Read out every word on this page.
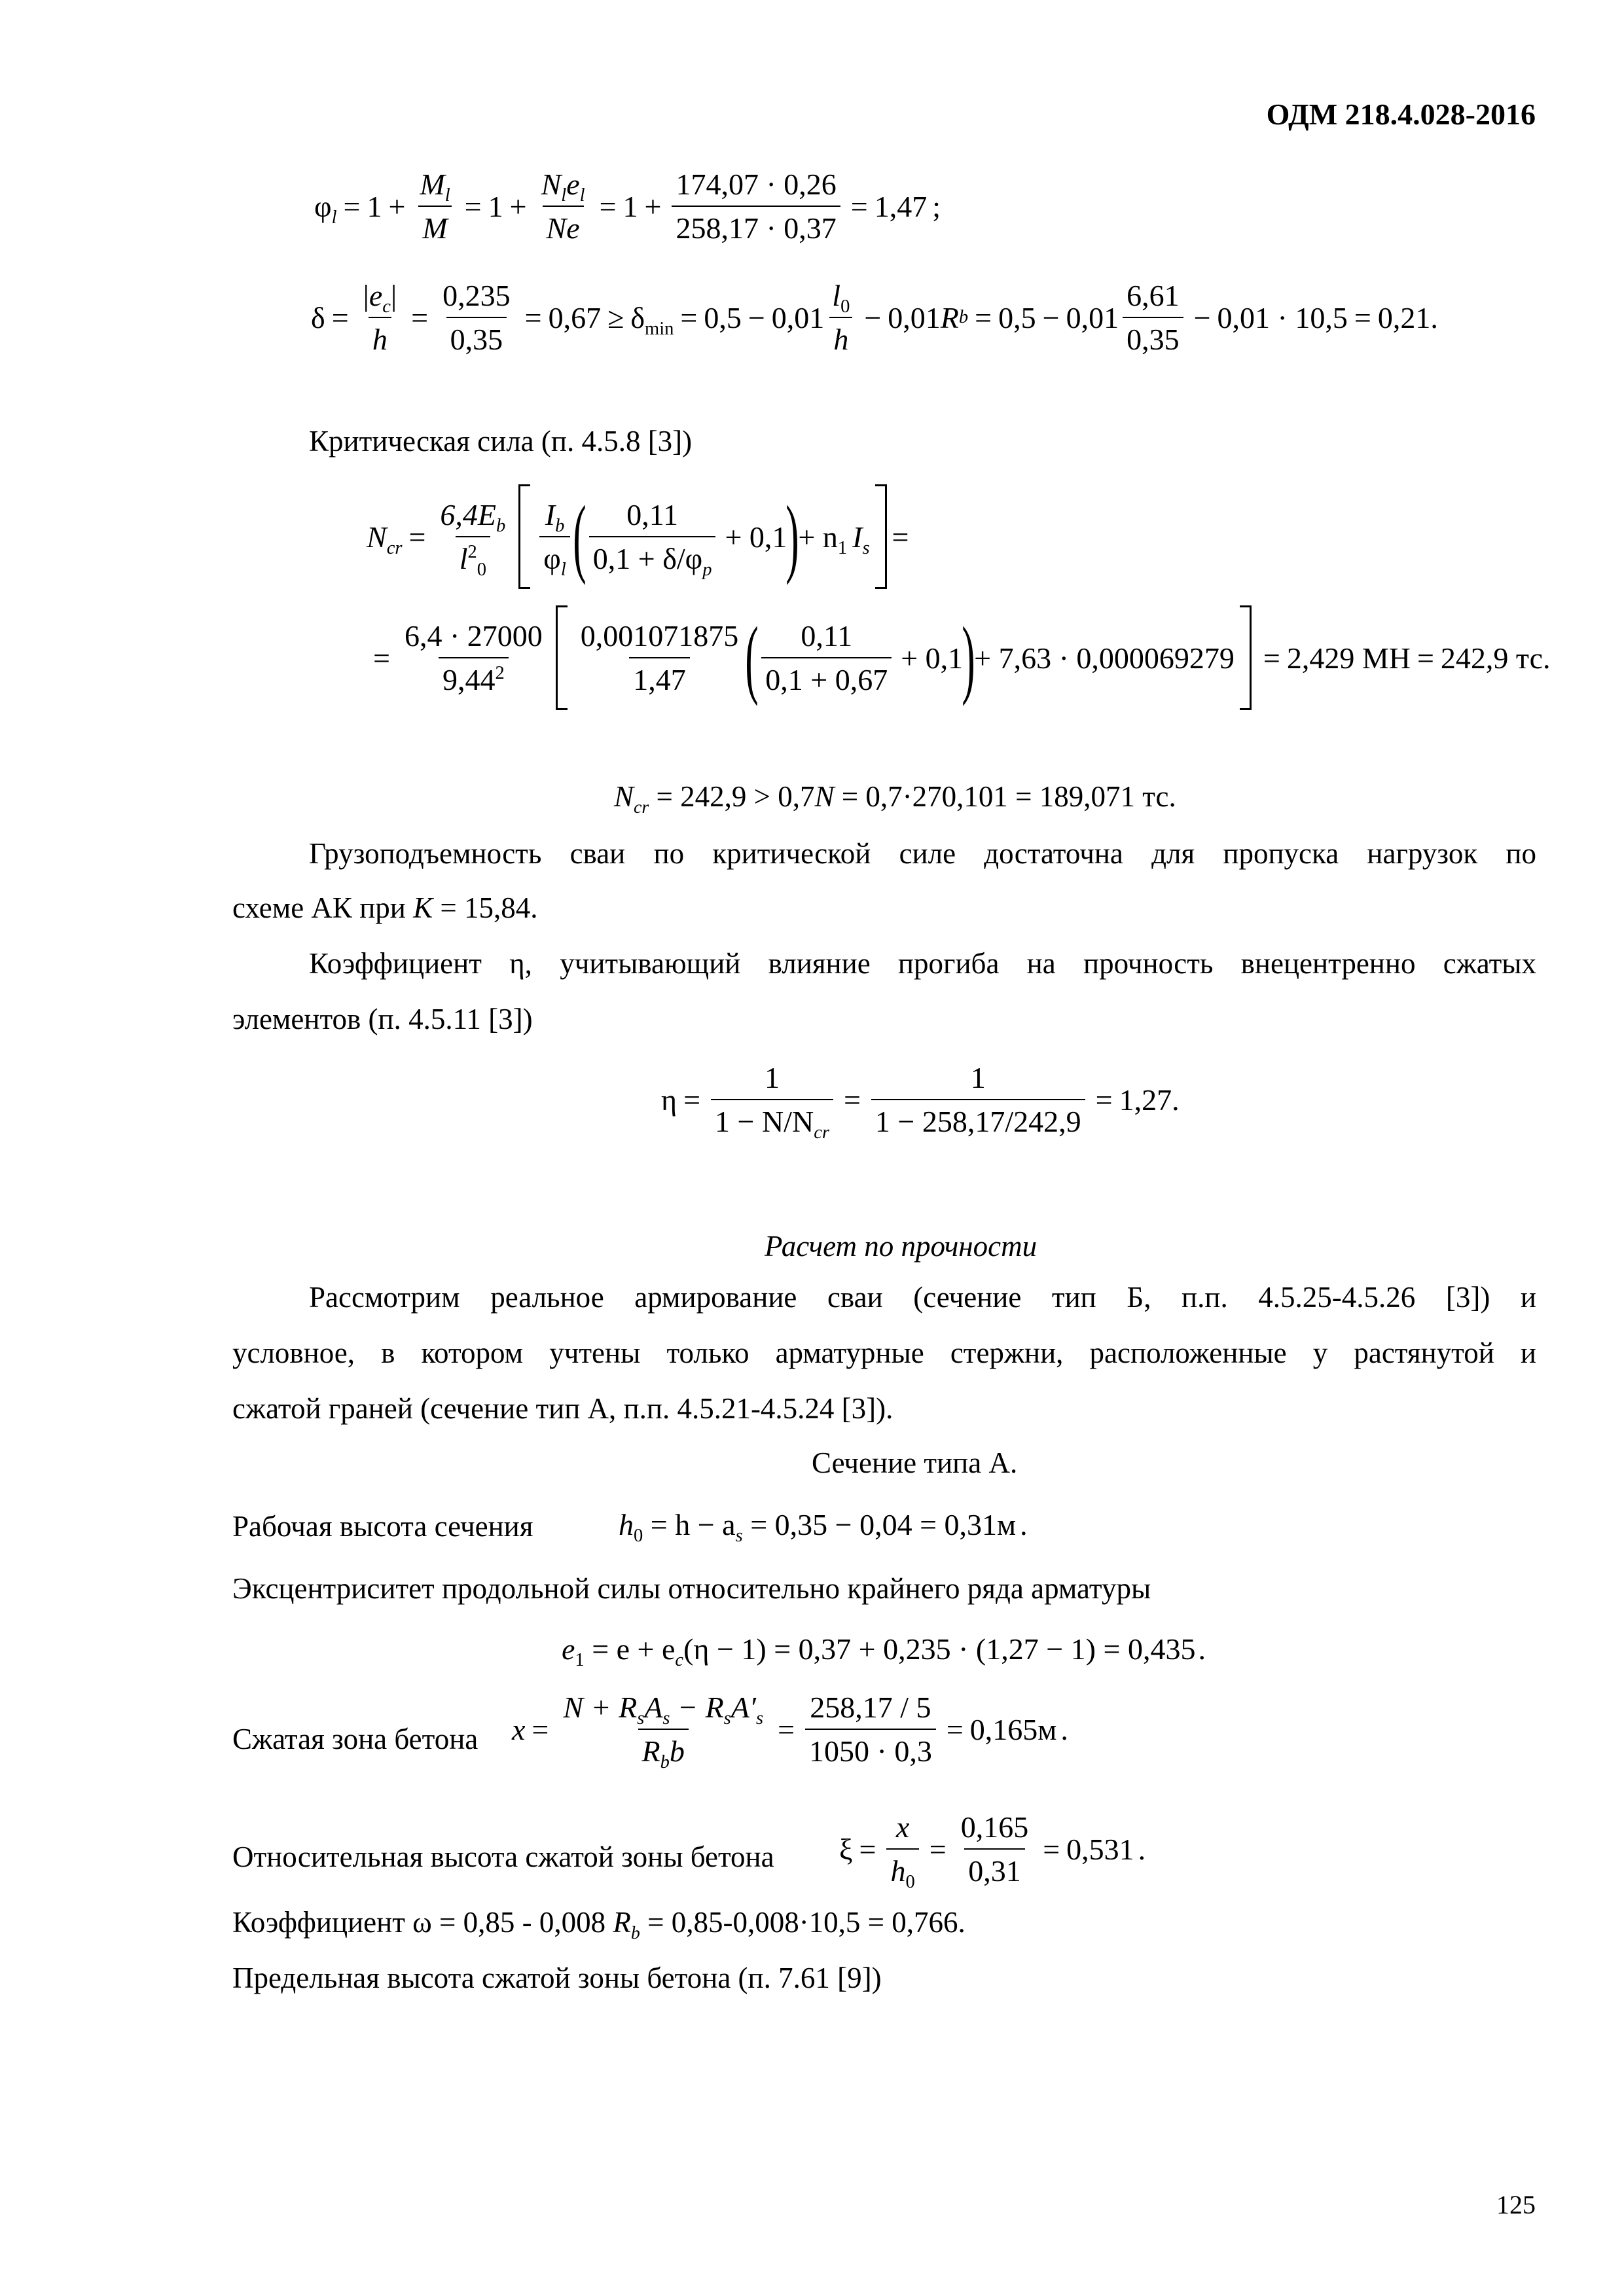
ОДМ 218.4.028-2016
$\varphi_l = 1 + \frac{M_l}{M} = 1 + \frac{N_le_l}{Ne} = 1 + \frac{174,07 \cdot 0,26}{258,17 \cdot 0,37} = 1,47$ ;
$\delta = \frac{|e_c|}{h} = \frac{0,235}{0,35} = 0,67 \ge \delta_{min} = 0,5 - 0,01 \frac{l_0}{h} - 0,01$ R $b = 0,5 - 0,01 \frac{6,61}{0,35} - 0,01 \cdot 10,5 = 0,21$ .
Критическая сила (п. 4.5.8 [3])
$N_{cr} = \frac{6,4E_b}{l^2_0} \frac{I_b}{\varphi_l}$ ( $\frac{0,11}{0,1 + \delta/\varphi_p} + 0,1$
)
+ $n_1$ $I_s$ =
= $\frac{6,4 \cdot 27000}{9,44^2} \frac{0,001071875}{1,47}$ ( $\frac{0,11}{0,1 + 0,67} + 0,1$
)
+ 7,63 · 0,000069279 = 2,429 МН = 242,9 тс.
$N_{cr} = 242,9 > 0,7N = 0,7\cdot 270,101 = 189,071$ тс.
Грузоподъемность сваи по критической силе достаточна для пропуска нагрузок по
схеме АК при K = 15,84.
Коэффициент η, учитывающий влияние прогиба на прочность внецентренно сжатых
элементов (п. 4.5.11 [3])
$\eta = \frac{1}{1 - N/N_{cr}} = \frac{1}{1 - 258,17/242,9} = 1,27$ .
Расчет по прочности
Рассмотрим реальное армирование сваи (сечение тип Б, п.п. 4.5.25-4.5.26 [3]) и
условное, в котором учтены только арматурные стержни, расположенные у растянутой и
сжатой граней (сечение тип А, п.п. 4.5.21-4.5.24 [3]).
Сечение типа А.
Рабочая высота сечения	$h_0 = h - a_s = 0,35 - 0,04 = 0,31м$ .
Эксцентриситет продольной силы относительно крайнего ряда арматуры
$e_1 = e + e_c(\eta - 1) = 0,37 + 0,235 \cdot (1,27 - 1) = 0,435$.
Сжатая зона бетона $x = \frac{N + R_sA_s - R_sA'_s}{R_bb} = \frac{258,17 / 5}{1050 \cdot 0,3} = 0,165м$ .
Относительная высота сжатой зоны бетона $\xi = \frac{x}{h_0} = \frac{0,165}{0,31} = 0,531$ .
Коэффициент ω = 0,85 - 0,008 $R_b = 0,85-0,008\cdot 10,5 = 0,766$.
Предельная высота сжатой зоны бетона (п. 7.61 [9])
125
